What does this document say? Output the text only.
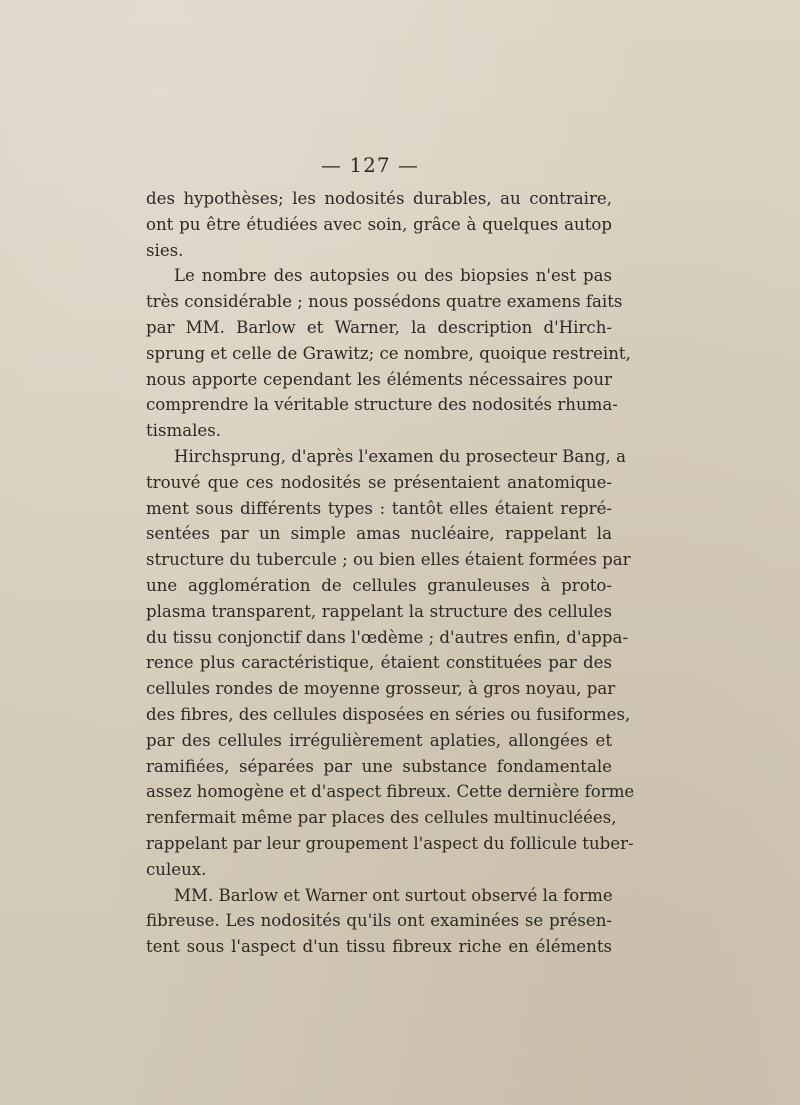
— 127 —
des hypothèses; les nodosités durables, au contraire,
ont pu être étudiées avec soin, grâce à quelques autop
sies.
Le nombre des autopsies ou des biopsies n'est pas
très considérable ; nous possédons quatre examens faits
par MM. Barlow et Warner, la description d'Hirch-
sprung et celle de Grawitz; ce nombre, quoique restreint,
nous apporte cependant les éléments nécessaires pour
comprendre la véritable structure des nodosités rhuma-
tismales.
Hirchsprung, d'après l'examen du prosecteur Bang, a
trouvé que ces nodosités se présentaient anatomique-
ment sous différents types : tantôt elles étaient repré-
sentées par un simple amas nucléaire, rappelant la
structure du tubercule ; ou bien elles étaient formées par
une agglomération de cellules granuleuses à proto-
plasma transparent, rappelant la structure des cellules
du tissu conjonctif dans l'œdème ; d'autres enfin, d'appa-
rence plus caractéristique, étaient constituées par des
cellules rondes de moyenne grosseur, à gros noyau, par
des fibres, des cellules disposées en séries ou fusiformes,
par des cellules irrégulièrement aplaties, allongées et
ramifiées, séparées par une substance fondamentale
assez homogène et d'aspect fibreux. Cette dernière forme
renfermait même par places des cellules multinucléées,
rappelant par leur groupement l'aspect du follicule tuber-
culeux.
MM. Barlow et Warner ont surtout observé la forme
fibreuse. Les nodosités qu'ils ont examinées se présen-
tent sous l'aspect d'un tissu fibreux riche en éléments
